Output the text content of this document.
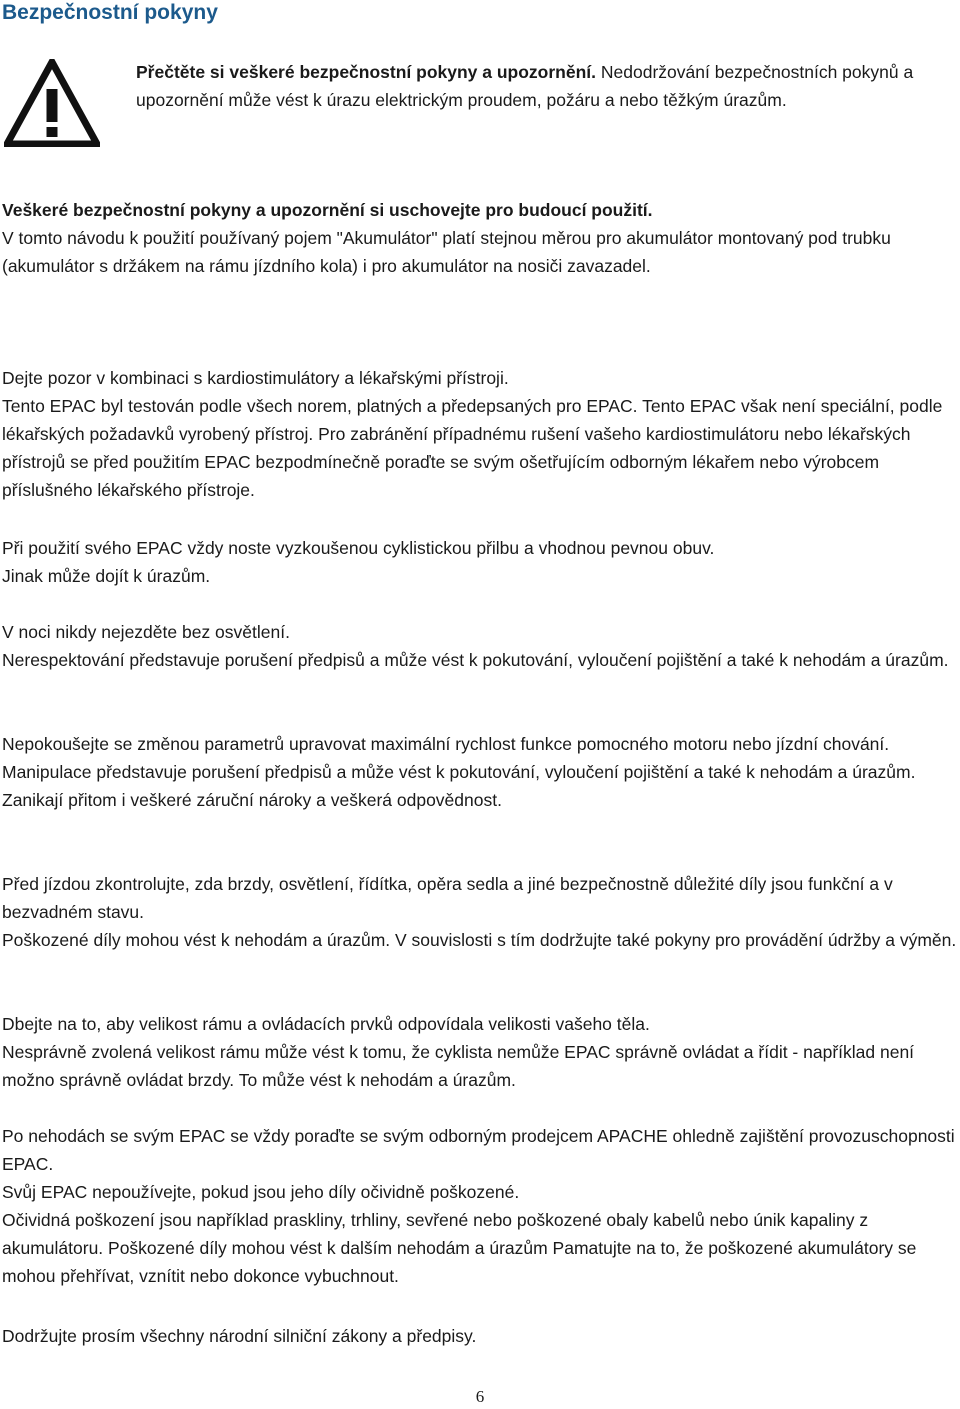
Bezpečnostní pokyny

Přečtěte si veškeré bezpečnostní pokyny a upozornění. Nedodržování bezpečnostních pokynů a upozornění může vést k úrazu elektrickým proudem, požáru a nebo těžkým úrazům.

Veškeré bezpečnostní pokyny a upozornění si uschovejte pro budoucí použití.

V tomto návodu k použití používaný pojem "Akumulátor" platí stejnou měrou pro akumulátor montovaný pod trubku (akumulátor s držákem na rámu jízdního kola) i pro akumulátor na nosiči zavazadel.

Dejte pozor v kombinaci s kardiostimulátory a lékařskými přístroji.

Tento EPAC byl testován podle všech norem, platných a předepsaných pro EPAC. Tento EPAC však není speciální, podle lékařských požadavků vyrobený přístroj. Pro zabránění případnému rušení vašeho kardiostimulátoru nebo lékařských přístrojů se před použitím EPAC bezpodmínečně poraďte se svým ošetřujícím odborným lékařem nebo výrobcem příslušného lékařského přístroje.

Při použití svého EPAC vždy noste vyzkoušenou cyklistickou přilbu a vhodnou pevnou obuv.

Jinak může dojít k úrazům.

V noci nikdy nejezděte bez osvětlení.

Nerespektování představuje porušení předpisů a může vést k pokutování, vyloučení pojištění a také k nehodám a úrazům.

Nepokoušejte se změnou parametrů upravovat maximální rychlost funkce pomocného motoru nebo jízdní chování.

Manipulace představuje porušení předpisů a může vést k pokutování, vyloučení pojištění a také k nehodám a úrazům. Zanikají přitom i veškeré záruční nároky a veškerá odpovědnost.

Před jízdou zkontrolujte, zda brzdy, osvětlení, řídítka, opěra sedla a jiné bezpečnostně důležité díly jsou funkční a v bezvadném stavu.

Poškozené díly mohou vést k nehodám a úrazům. V souvislosti s tím dodržujte také pokyny pro provádění údržby a výměn.

Dbejte na to, aby velikost rámu a ovládacích prvků odpovídala velikosti vašeho těla.

Nesprávně zvolená velikost rámu může vést k tomu, že cyklista nemůže EPAC správně ovládat a řídit - například není možno správně ovládat brzdy. To může vést k nehodám a úrazům.

Po nehodách se svým EPAC se vždy poraďte se svým odborným prodejcem APACHE ohledně zajištění provozuschopnosti EPAC.

Svůj EPAC nepoužívejte, pokud jsou jeho díly očividně poškozené.

Očividná poškození jsou například praskliny, trhliny, sevřené nebo poškozené obaly kabelů nebo únik kapaliny z akumulátoru. Poškozené díly mohou vést k dalším nehodám a úrazům Pamatujte na to, že poškozené akumulátory se mohou přehřívat, vznítit nebo dokonce vybuchnout.

Dodržujte prosím všechny národní silniční zákony a předpisy.

6
